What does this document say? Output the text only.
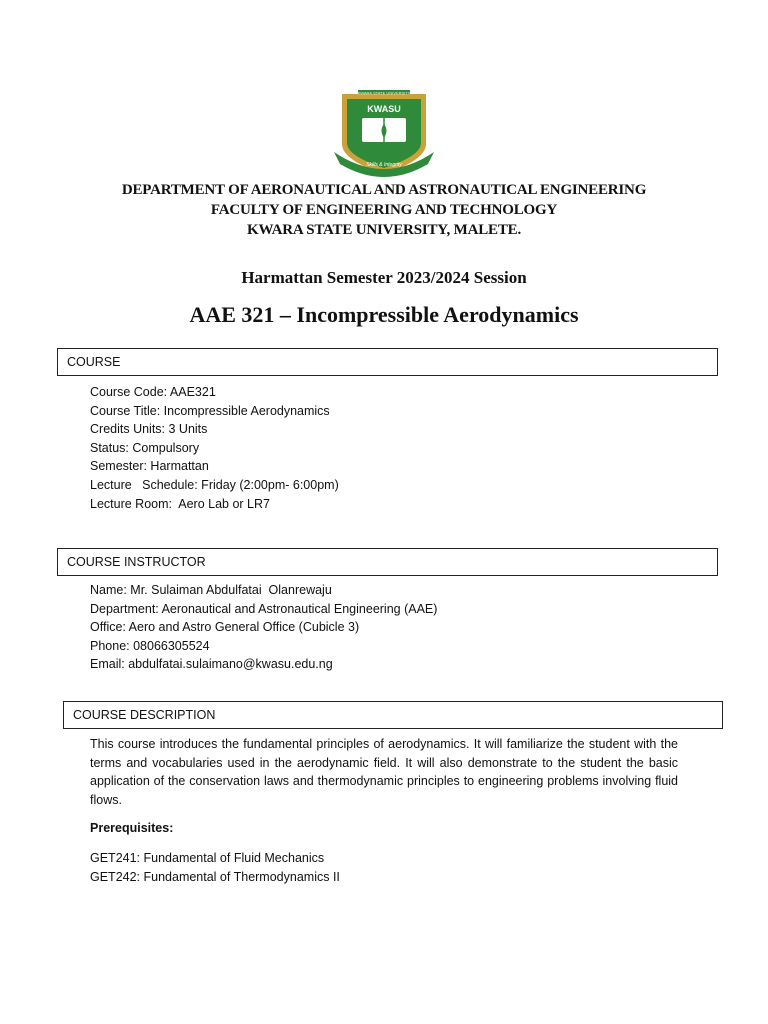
KWARA STATE UNIVERSITY
KWASU
Skills & Integrity
DEPARTMENT OF AERONAUTICAL AND ASTRONAUTICAL ENGINEERING
FACULTY OF ENGINEERING AND TECHNOLOGY
KWARA STATE UNIVERSITY, MALETE.
Harmattan Semester 2023/2024 Session
AAE 321 – Incompressible Aerodynamics
COURSE
Course Code: AAE321
Course Title: Incompressible Aerodynamics
Credits Units: 3 Units
Status: Compulsory
Semester: Harmattan
Lecture   Schedule: Friday (2:00pm- 6:00pm)
Lecture Room:  Aero Lab or LR7
COURSE INSTRUCTOR
Name: Mr. Sulaiman Abdulfatai  Olanrewaju
Department: Aeronautical and Astronautical Engineering (AAE)
Office: Aero and Astro General Office (Cubicle 3)
Phone: 08066305524
Email: abdulfatai.sulaimano@kwasu.edu.ng
COURSE DESCRIPTION
This course introduces the fundamental principles of aerodynamics. It will familiarize the student with the terms and vocabularies used in the aerodynamic field. It will also demonstrate to the student the basic application of the conservation laws and thermodynamic principles to engineering problems involving fluid flows.
Prerequisites:
GET241: Fundamental of Fluid Mechanics
GET242: Fundamental of Thermodynamics II
